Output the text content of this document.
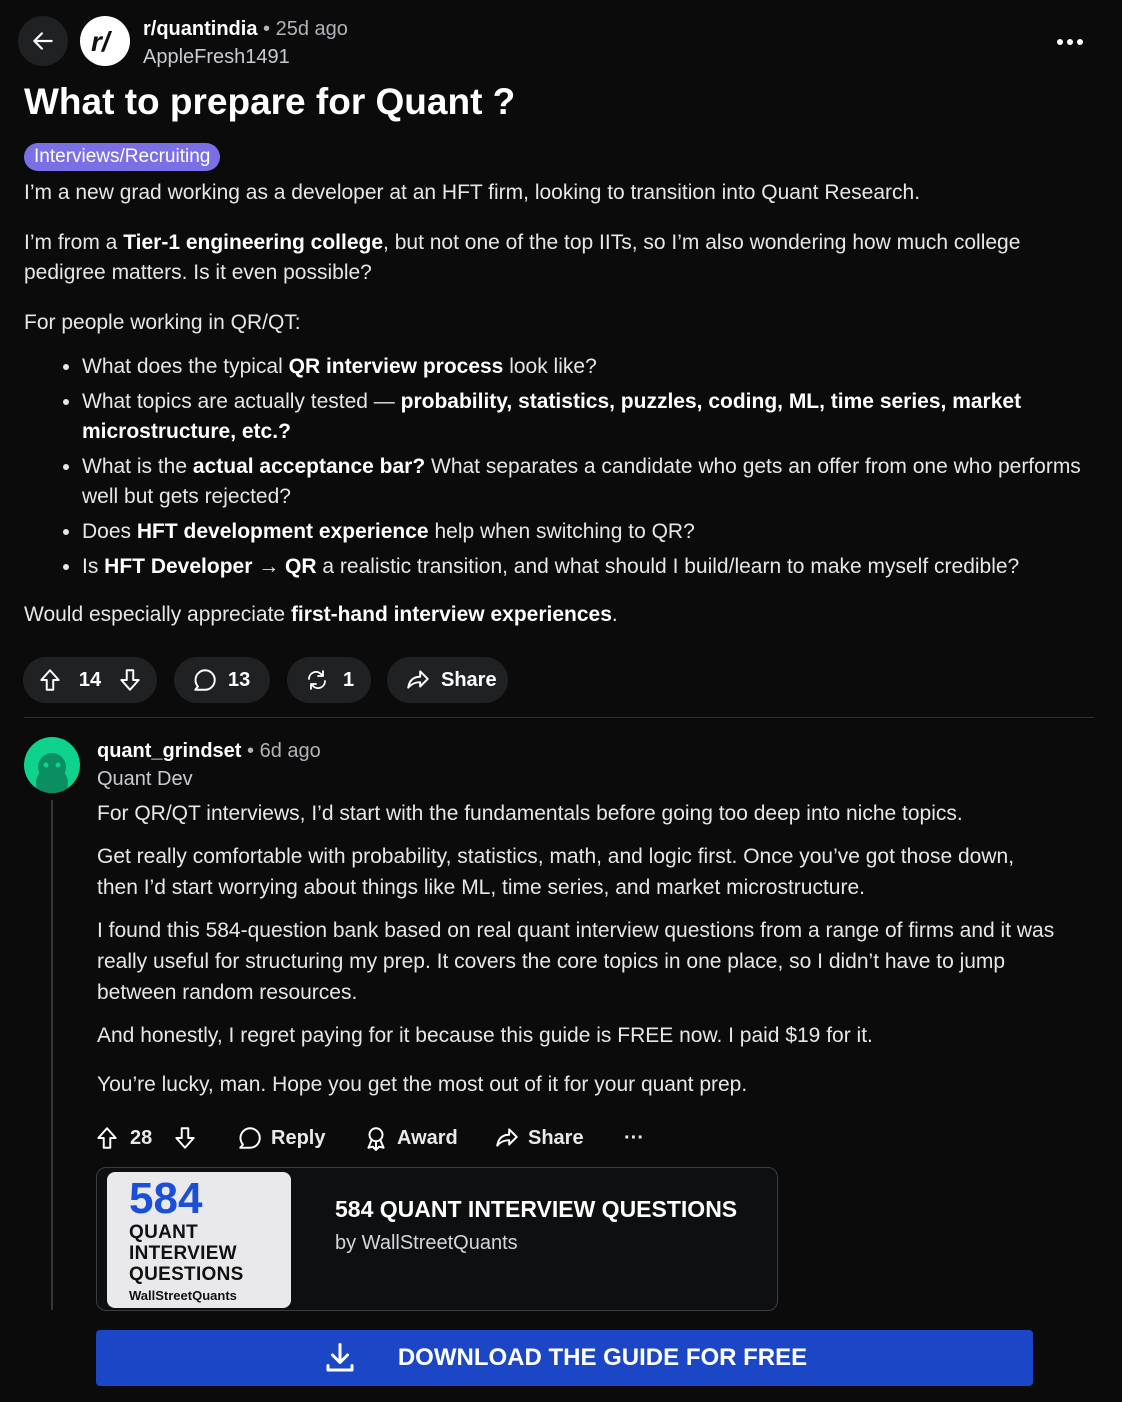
r/ r/quantindia • 25d ago
AppleFresh1491
What to prepare for Quant ?
Interviews/Recruiting

I’m a new grad working as a developer at an HFT firm, looking to transition into Quant Research.

I’m from a Tier-1 engineering college, but not one of the top IITs, so I’m also wondering how much college pedigree matters. Is it even possible?

For people working in QR/QT:

• What does the typical QR interview process look like?
• What topics are actually tested — probability, statistics, puzzles, coding, ML, time series, market microstructure, etc.?
• What is the actual acceptance bar? What separates a candidate who gets an offer from one who performs well but gets rejected?
• Does HFT development experience help when switching to QR?
• Is HFT Developer → QR a realistic transition, and what should I build/learn to make myself credible?

Would especially appreciate first-hand interview experiences.

14	13	1	Share
quant_grindset • 6d ago
Quant Dev

For QR/QT interviews, I’d start with the fundamentals before going too deep into niche topics.

Get really comfortable with probability, statistics, math, and logic first. Once you’ve got those down, then I’d start worrying about things like ML, time series, and market microstructure.

I found this 584-question bank based on real quant interview questions from a range of firms and it was really useful for structuring my prep. It covers the core topics in one place, so I didn’t have to jump between random resources.

And honestly, I regret paying for it because this guide is FREE now. I paid $19 for it.

You’re lucky, man. Hope you get the most out of it for your quant prep.

28	Reply	Award	Share ···
584
QUANT
INTERVIEW
QUESTIONS
WallStreetQuants
584 QUANT INTERVIEW QUESTIONS
by WallStreetQuants
DOWNLOAD THE GUIDE FOR FREE
